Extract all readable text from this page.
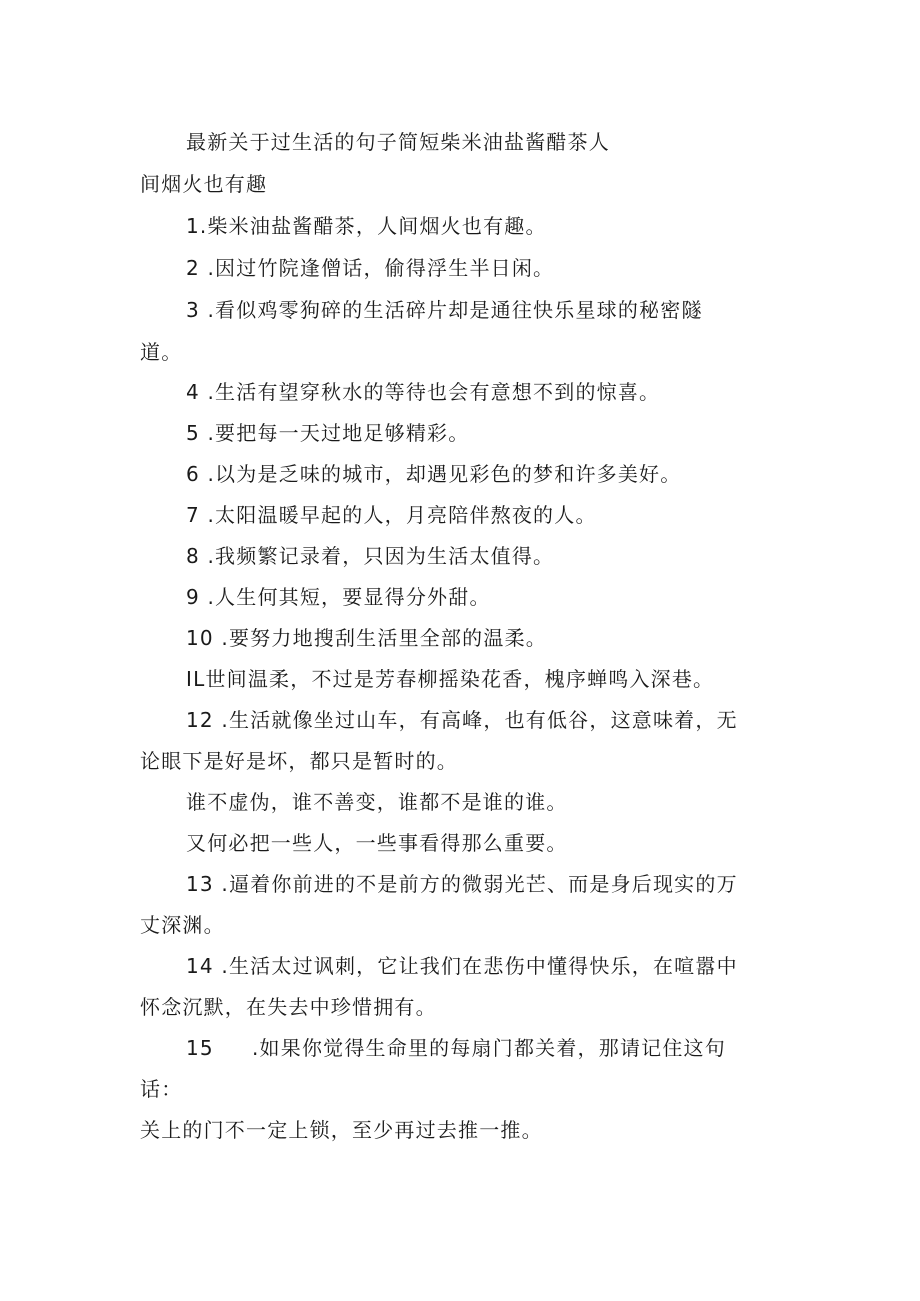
最新关于过生活的句子简短柴米油盐酱醋茶人
间烟火也有趣
1.柴米油盐酱醋茶，人间烟火也有趣。
2 .因过竹院逢僧话，偷得浮生半日闲。
3 .看似鸡零狗碎的生活碎片却是通往快乐星球的秘密隧
道。
4 .生活有望穿秋水的等待也会有意想不到的惊喜。
5 .要把每一天过地足够精彩。
6 .以为是乏味的城市，却遇见彩色的梦和许多美好。
7 .太阳温暖早起的人，月亮陪伴熬夜的人。
8 .我频繁记录着，只因为生活太值得。
9 .人生何其短，要显得分外甜。
10 .要努力地搜刮生活里全部的温柔。
IL世间温柔，不过是芳春柳摇染花香，槐序蝉鸣入深巷。
12 .生活就像坐过山车，有高峰，也有低谷，这意味着，无
论眼下是好是坏，都只是暂时的。
谁不虚伪，谁不善变，谁都不是谁的谁。
又何必把一些人，一些事看得那么重要。
13 .逼着你前进的不是前方的微弱光芒、而是身后现实的万
丈深渊。
14 .生活太过讽刺，它让我们在悲伤中懂得快乐，在喧嚣中
怀念沉默，在失去中珍惜拥有。
15 .如果你觉得生命里的每扇门都关着，那请记住这句
话：
关上的门不一定上锁，至少再过去推一推。
